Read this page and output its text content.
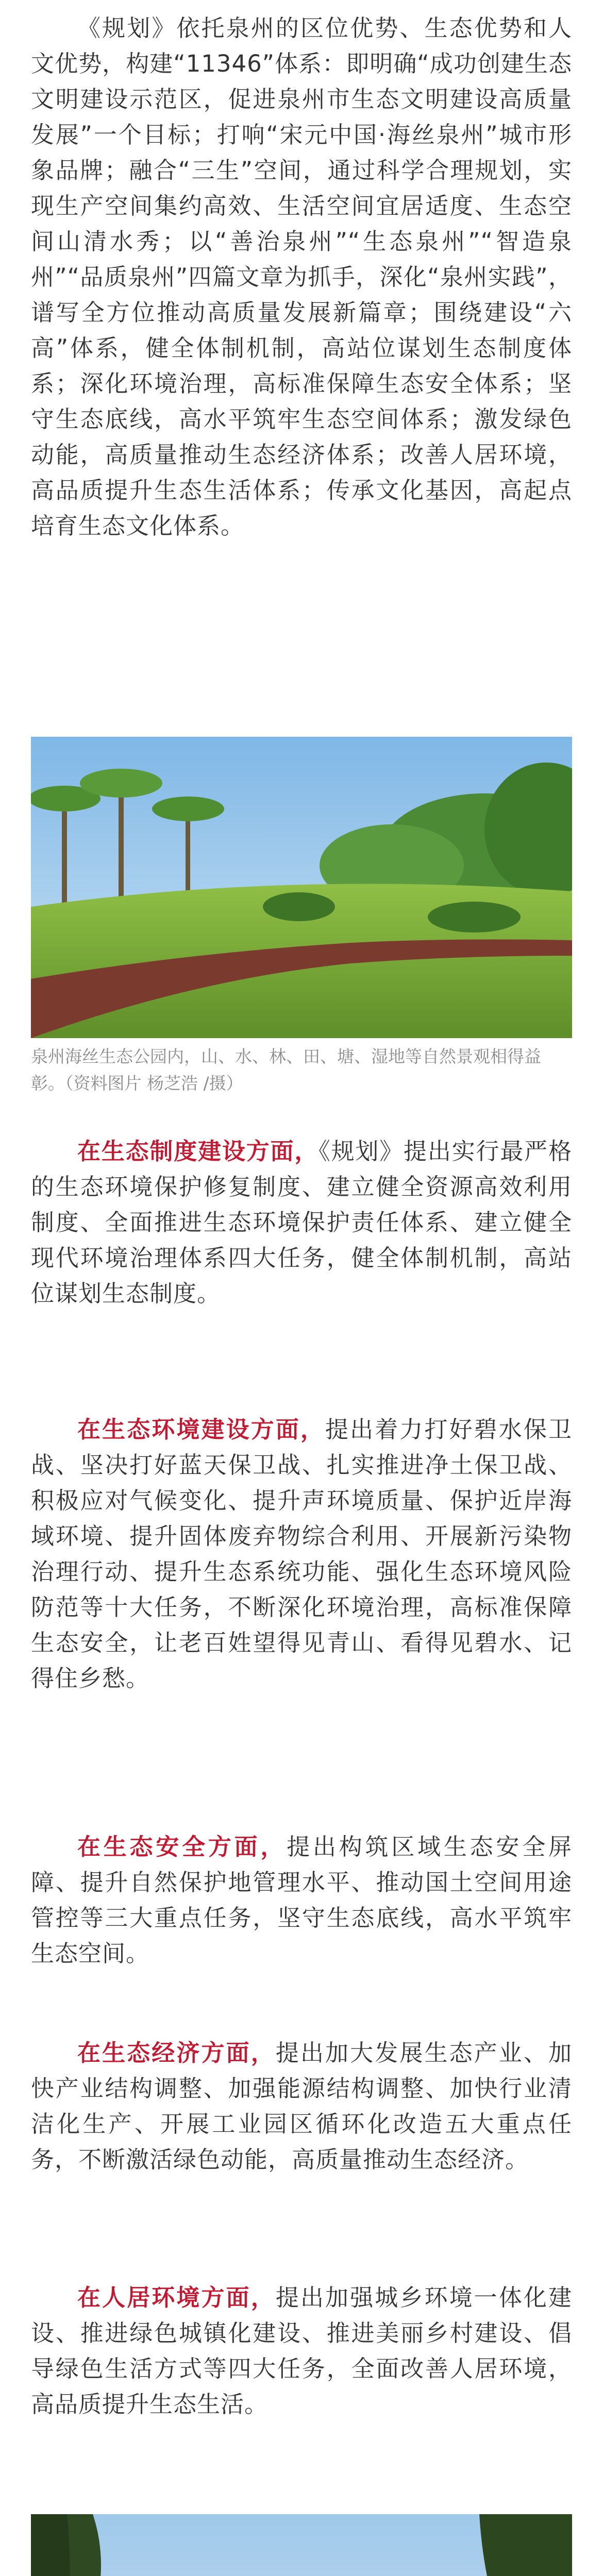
《规划》依托泉州的区位优势、生态优势和人文优势，构建“11346”体系：即明确“成功创建生态文明建设示范区，促进泉州市生态文明建设高质量发展”一个目标；打响“宋元中国·海丝泉州”城市形象品牌；融合“三生”空间，通过科学合理规划，实现生产空间集约高效、生活空间宜居适度、生态空间山清水秀；以“善治泉州”“生态泉州”“智造泉州”“品质泉州”四篇文章为抓手，深化“泉州实践”，谱写全方位推动高质量发展新篇章；围绕建设“六高”体系，健全体制机制，高站位谋划生态制度体系；深化环境治理，高标准保障生态安全体系；坚守生态底线，高水平筑牢生态空间体系；激发绿色动能，高质量推动生态经济体系；改善人居环境，高品质提升生态生活体系；传承文化基因，高起点培育生态文化体系。

泉州海丝生态公园内，山、水、林、田、塘、湿地等自然景观相得益彰。（资料图片 杨芝浩 /摄）

在生态制度建设方面，《规划》提出实行最严格的生态环境保护修复制度、建立健全资源高效利用制度、全面推进生态环境保护责任体系、建立健全现代环境治理体系四大任务，健全体制机制，高站位谋划生态制度。

在生态环境建设方面，提出着力打好碧水保卫战、坚决打好蓝天保卫战、扎实推进净土保卫战、积极应对气候变化、提升声环境质量、保护近岸海域环境、提升固体废弃物综合利用、开展新污染物治理行动、提升生态系统功能、强化生态环境风险防范等十大任务，不断深化环境治理，高标准保障生态安全，让老百姓望得见青山、看得见碧水、记得住乡愁。

在生态安全方面，提出构筑区域生态安全屏障、提升自然保护地管理水平、推动国土空间用途管控等三大重点任务，坚守生态底线，高水平筑牢生态空间。

在生态经济方面，提出加大发展生态产业、加快产业结构调整、加强能源结构调整、加快行业清洁化生产、开展工业园区循环化改造五大重点任务，不断激活绿色动能，高质量推动生态经济。

在人居环境方面，提出加强城乡环境一体化建设、推进绿色城镇化建设、推进美丽乡村建设、倡导绿色生活方式等四大任务，全面改善人居环境，高品质提升生态生活。
